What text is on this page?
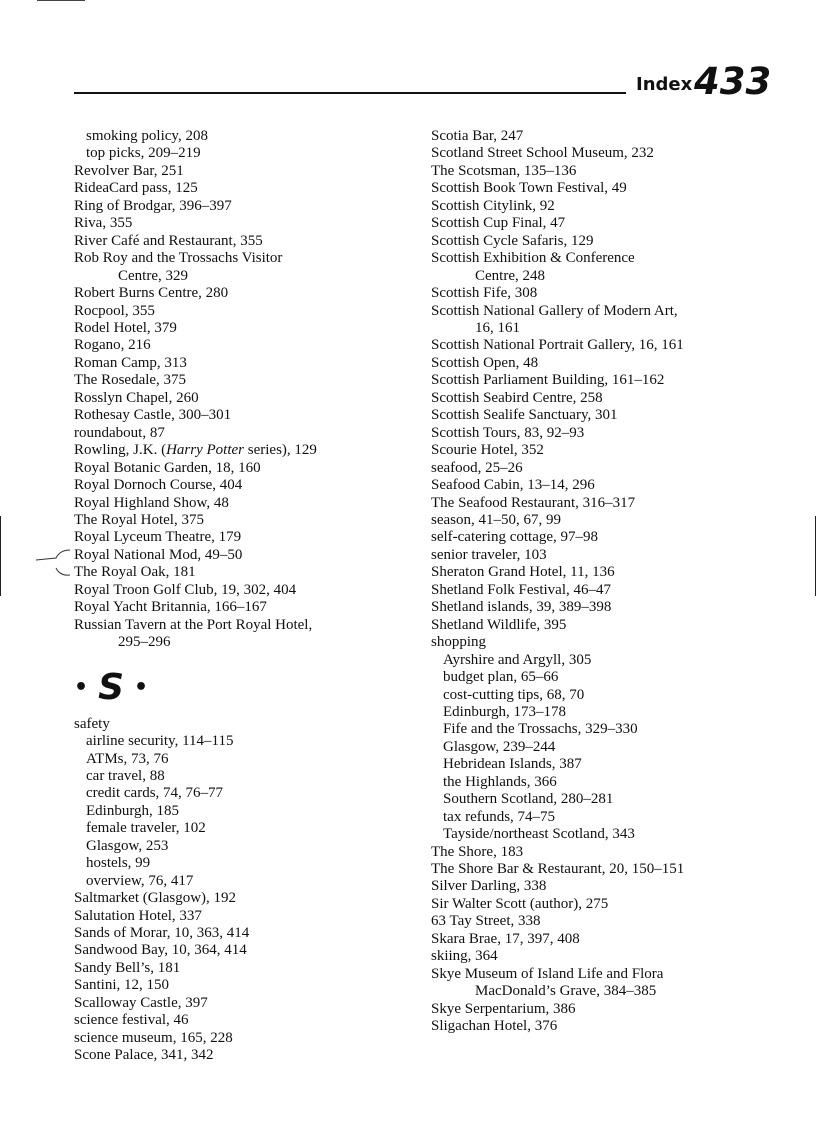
Index 433
smoking policy, 208
top picks, 209–219
Revolver Bar, 251
RideaCard pass, 125
Ring of Brodgar, 396–397
Riva, 355
River Café and Restaurant, 355
Rob Roy and the Trossachs Visitor
Centre, 329
Robert Burns Centre, 280
Rocpool, 355
Rodel Hotel, 379
Rogano, 216
Roman Camp, 313
The Rosedale, 375
Rosslyn Chapel, 260
Rothesay Castle, 300–301
roundabout, 87
Rowling, J.K. (Harry Potter series), 129
Royal Botanic Garden, 18, 160
Royal Dornoch Course, 404
Royal Highland Show, 48
The Royal Hotel, 375
Royal Lyceum Theatre, 179
Royal National Mod, 49–50
The Royal Oak, 181
Royal Troon Golf Club, 19, 302, 404
Royal Yacht Britannia, 166–167
Russian Tavern at the Port Royal Hotel,
295–296
• S •
safety
airline security, 114–115
ATMs, 73, 76
car travel, 88
credit cards, 74, 76–77
Edinburgh, 185
female traveler, 102
Glasgow, 253
hostels, 99
overview, 76, 417
Saltmarket (Glasgow), 192
Salutation Hotel, 337
Sands of Morar, 10, 363, 414
Sandwood Bay, 10, 364, 414
Sandy Bell’s, 181
Santini, 12, 150
Scalloway Castle, 397
science festival, 46
science museum, 165, 228
Scone Palace, 341, 342
Scotia Bar, 247
Scotland Street School Museum, 232
The Scotsman, 135–136
Scottish Book Town Festival, 49
Scottish Citylink, 92
Scottish Cup Final, 47
Scottish Cycle Safaris, 129
Scottish Exhibition & Conference
Centre, 248
Scottish Fife, 308
Scottish National Gallery of Modern Art,
16, 161
Scottish National Portrait Gallery, 16, 161
Scottish Open, 48
Scottish Parliament Building, 161–162
Scottish Seabird Centre, 258
Scottish Sealife Sanctuary, 301
Scottish Tours, 83, 92–93
Scourie Hotel, 352
seafood, 25–26
Seafood Cabin, 13–14, 296
The Seafood Restaurant, 316–317
season, 41–50, 67, 99
self-catering cottage, 97–98
senior traveler, 103
Sheraton Grand Hotel, 11, 136
Shetland Folk Festival, 46–47
Shetland islands, 39, 389–398
Shetland Wildlife, 395
shopping
Ayrshire and Argyll, 305
budget plan, 65–66
cost-cutting tips, 68, 70
Edinburgh, 173–178
Fife and the Trossachs, 329–330
Glasgow, 239–244
Hebridean Islands, 387
the Highlands, 366
Southern Scotland, 280–281
tax refunds, 74–75
Tayside/northeast Scotland, 343
The Shore, 183
The Shore Bar & Restaurant, 20, 150–151
Silver Darling, 338
Sir Walter Scott (author), 275
63 Tay Street, 338
Skara Brae, 17, 397, 408
skiing, 364
Skye Museum of Island Life and Flora
MacDonald’s Grave, 384–385
Skye Serpentarium, 386
Sligachan Hotel, 376
